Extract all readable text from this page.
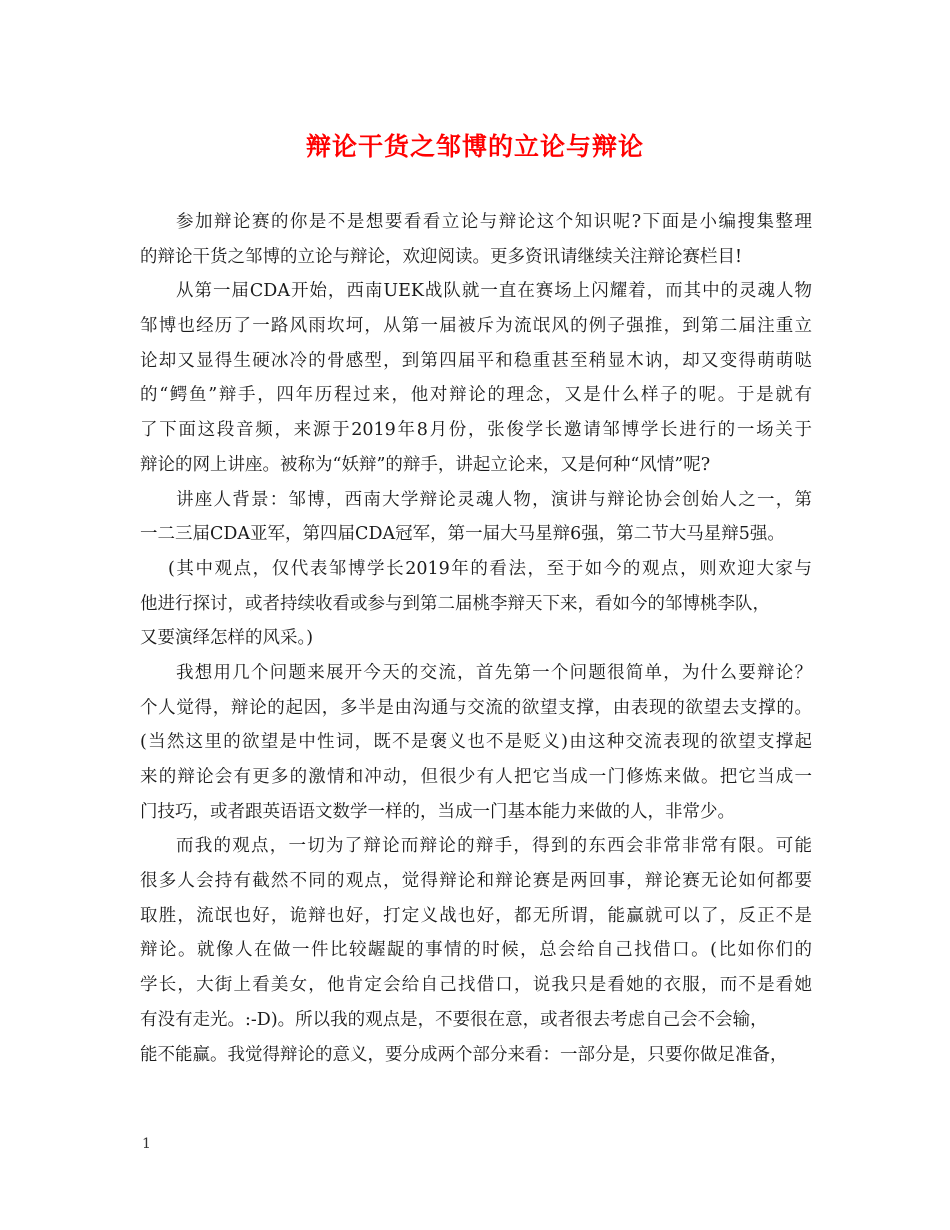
辩论干货之邹博的立论与辩论
参加辩论赛的你是不是想要看看立论与辩论这个知识呢?下面是小编搜集整理
的辩论干货之邹博的立论与辩论，欢迎阅读。更多资讯请继续关注辩论赛栏目!
从第一届CDA开始，西南UEK战队就一直在赛场上闪耀着，而其中的灵魂人物
邹博也经历了一路风雨坎坷，从第一届被斥为流氓风的例子强推，到第二届注重立
论却又显得生硬冰冷的骨感型，到第四届平和稳重甚至稍显木讷，却又变得萌萌哒
的“鳄鱼”辩手，四年历程过来，他对辩论的理念，又是什么样子的呢。于是就有
了下面这段音频，来源于2019年8月份，张俊学长邀请邹博学长进行的一场关于
辩论的网上讲座。被称为“妖辩”的辩手，讲起立论来，又是何种“风情”呢?
讲座人背景：邹博，西南大学辩论灵魂人物，演讲与辩论协会创始人之一，第
一二三届CDA亚军，第四届CDA冠军，第一届大马星辩6强，第二节大马星辩5强。
(其中观点，仅代表邹博学长2019年的看法，至于如今的观点，则欢迎大家与
他进行探讨，或者持续收看或参与到第二届桃李辩天下来，看如今的邹博桃李队，
又要演绎怎样的风采。)
我想用几个问题来展开今天的交流，首先第一个问题很简单，为什么要辩论？
个人觉得，辩论的起因，多半是由沟通与交流的欲望支撑，由表现的欲望去支撑的。
(当然这里的欲望是中性词，既不是褒义也不是贬义)由这种交流表现的欲望支撑起
来的辩论会有更多的激情和冲动，但很少有人把它当成一门修炼来做。把它当成一
门技巧，或者跟英语语文数学一样的，当成一门基本能力来做的人，非常少。
而我的观点，一切为了辩论而辩论的辩手，得到的东西会非常非常有限。可能
很多人会持有截然不同的观点，觉得辩论和辩论赛是两回事，辩论赛无论如何都要
取胜，流氓也好，诡辩也好，打定义战也好，都无所谓，能赢就可以了，反正不是
辩论。就像人在做一件比较龌龊的事情的时候，总会给自己找借口。(比如你们的
学长，大街上看美女，他肯定会给自己找借口，说我只是看她的衣服，而不是看她
有没有走光。:-D)。所以我的观点是，不要很在意，或者很去考虑自己会不会输，
能不能赢。我觉得辩论的意义，要分成两个部分来看：一部分是，只要你做足准备，
1
